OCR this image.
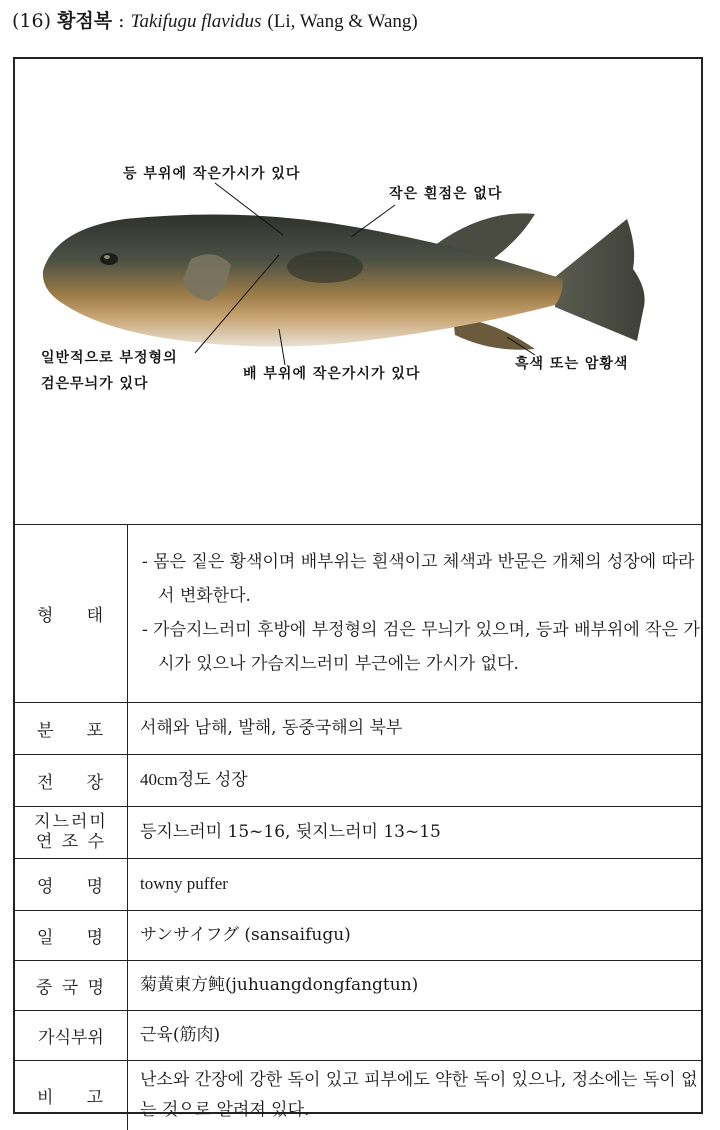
(16) 황점복 : Takifugu flavidus (Li, Wang & Wang)
등 부위에 작은가시가 있다
작은 흰점은 없다
일반적으로 부정형의
검은무늬가 있다
배 부위에 작은가시가 있다
흑색 또는 암황색
형 태	- 몸은 짙은 황색이며 배부위는 흰색이고 체색과 반문은 개체의 성장에 따라서 변화한다.
- 가슴지느러미 후방에 부정형의 검은 무늬가 있으며, 등과 배부위에 작은 가시가 있으나 가슴지느러미 부근에는 가시가 없다.

분 포	서해와 남해, 발해, 동중국해의 북부

전 장	40cm정도 성장

지느러미
연 조 수	등지느러미 15~16, 뒷지느러미 13~15

영 명	towny puffer

일 명	サンサイフグ (sansaifugu)
중 국 명	菊黃東方鲀(juhuangdongfangtun)
가식부위	근육(筋肉)

비 고	난소와 간장에 강한 독이 있고 피부에도 약한 독이 있으나, 정소에는 독이 없는 것으로 알려져 있다.
